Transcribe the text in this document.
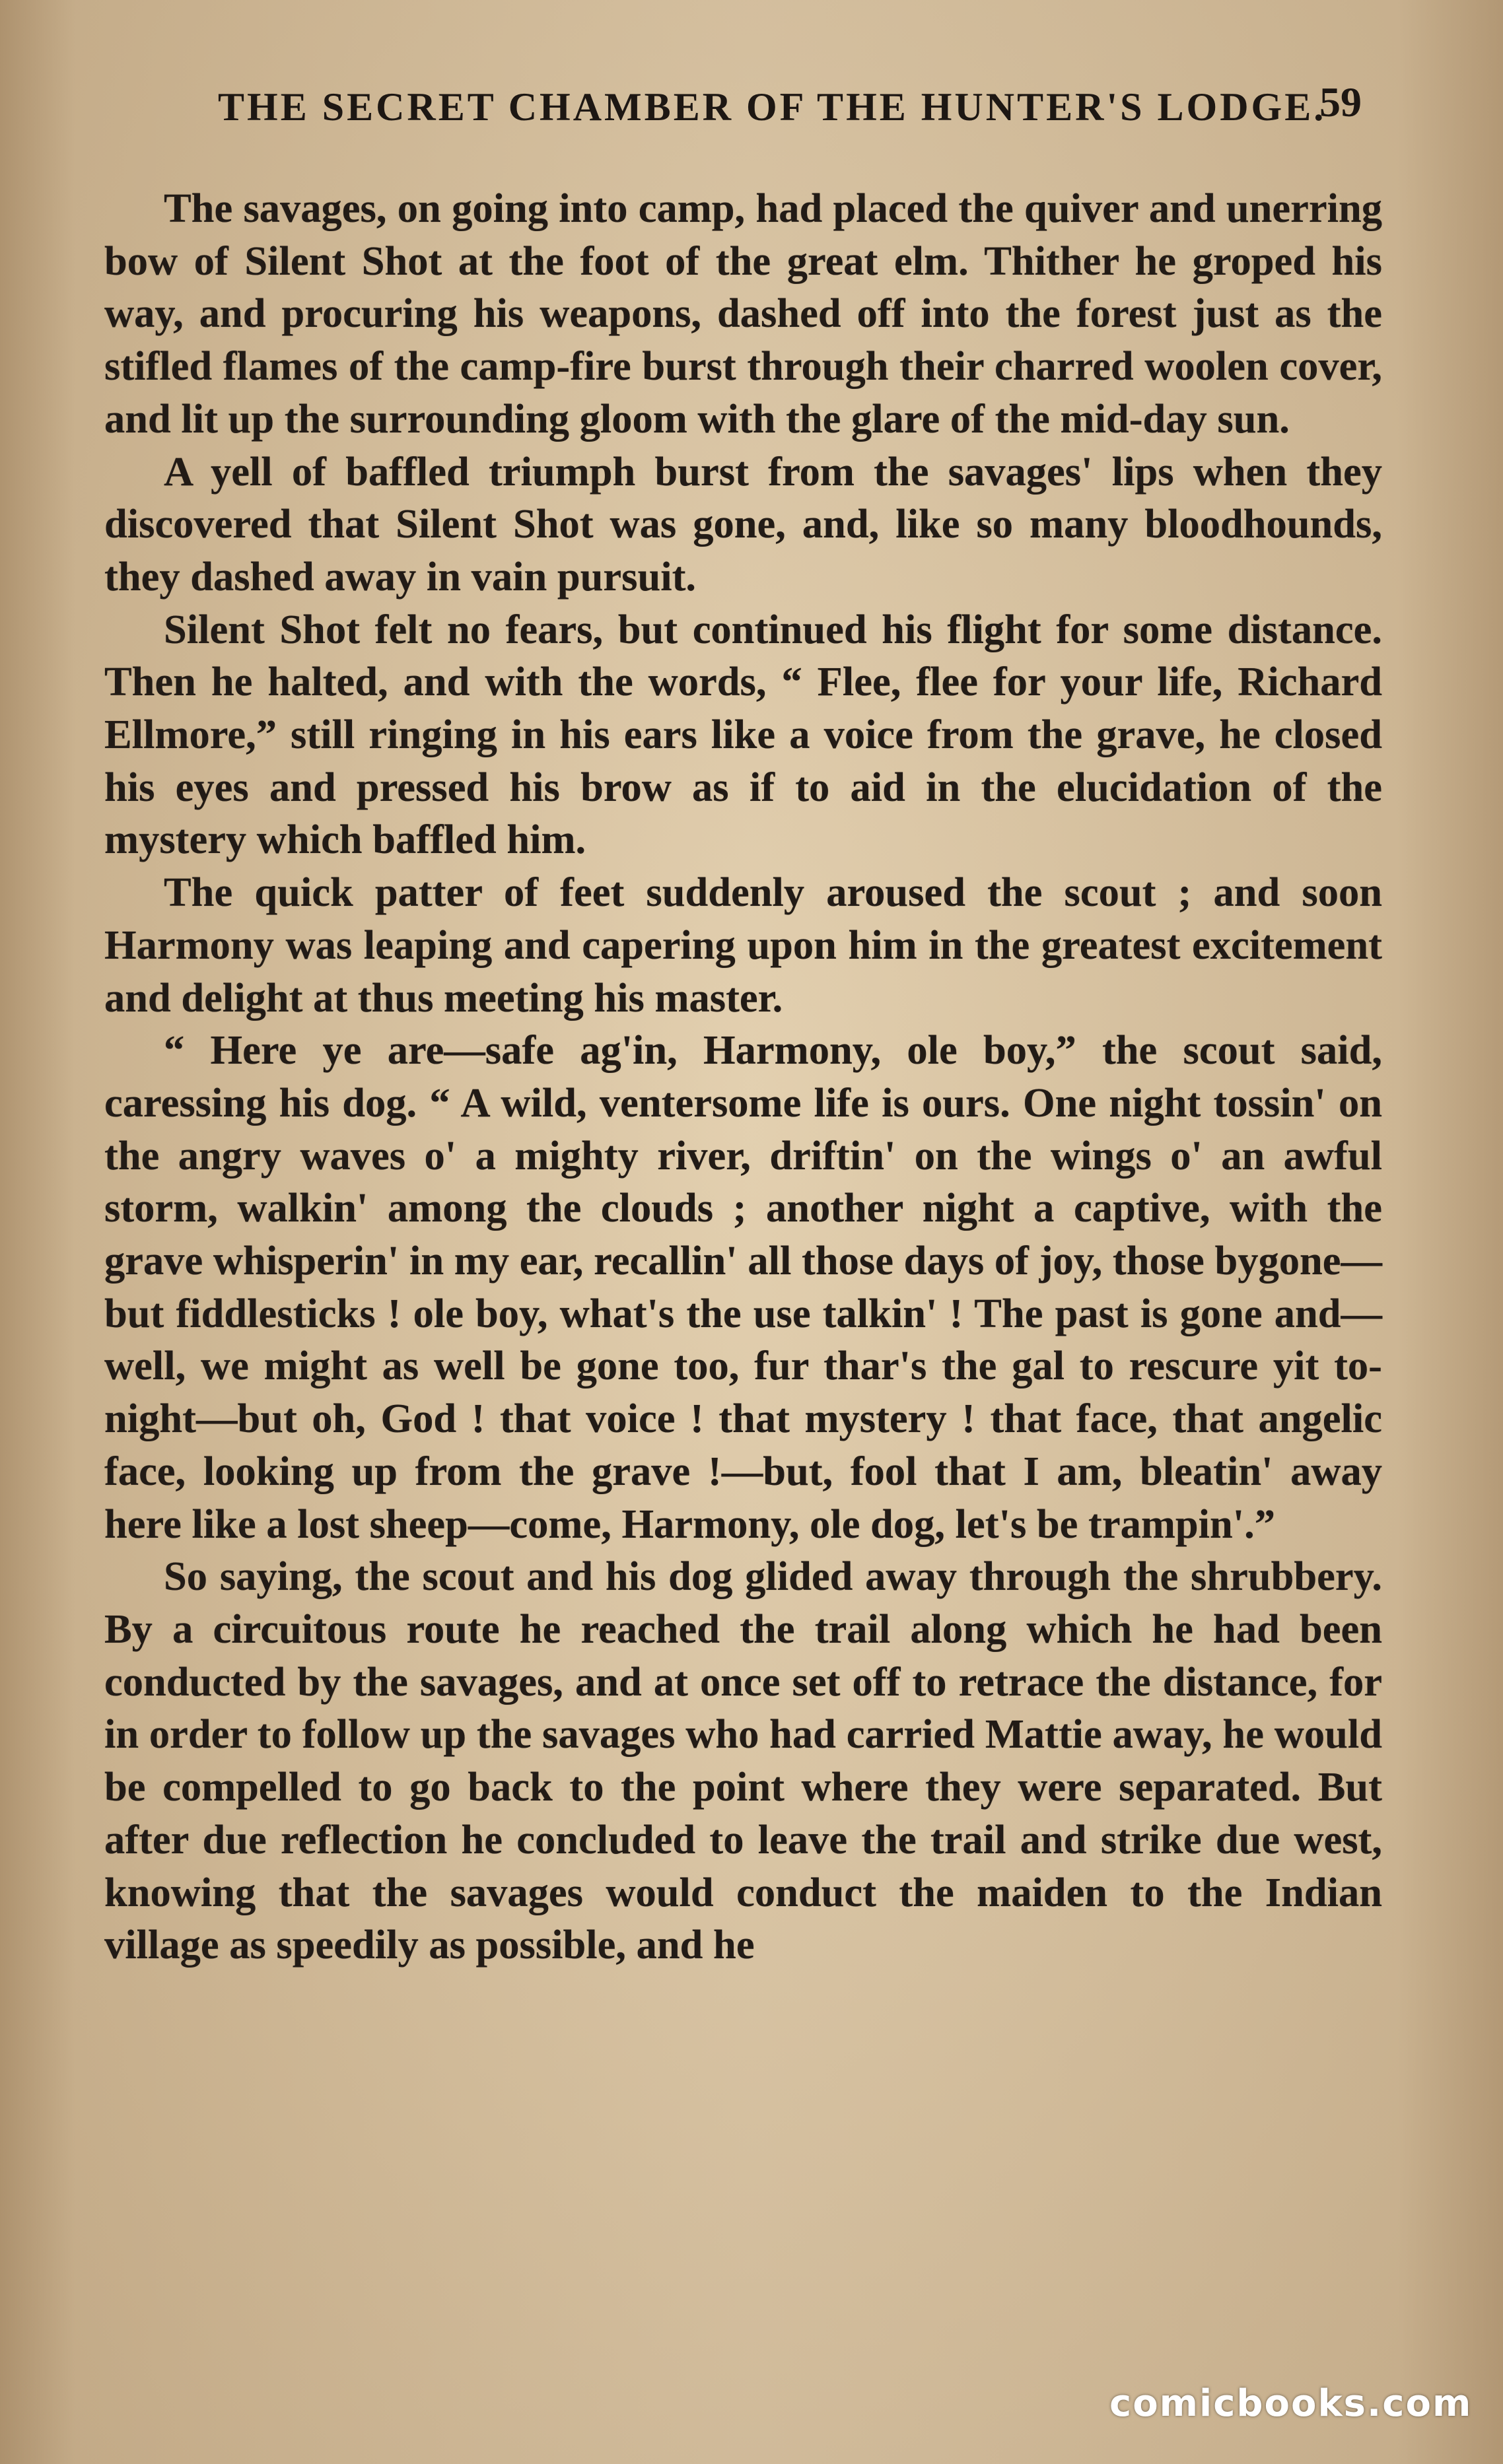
THE SECRET CHAMBER OF THE HUNTER'S LODGE.
59

The savages, on going into camp, had placed the quiver and unerring bow of Silent Shot at the foot of the great elm. Thither he groped his way, and procuring his weapons, dashed off into the forest just as the stifled flames of the camp-fire burst through their charred woolen cover, and lit up the surrounding gloom with the glare of the mid-day sun.

A yell of baffled triumph burst from the savages' lips when they discovered that Silent Shot was gone, and, like so many bloodhounds, they dashed away in vain pursuit.

Silent Shot felt no fears, but continued his flight for some distance. Then he halted, and with the words, “ Flee, flee for your life, Richard Ellmore,” still ringing in his ears like a voice from the grave, he closed his eyes and pressed his brow as if to aid in the elucidation of the mystery which baffled him.

The quick patter of feet suddenly aroused the scout ; and soon Harmony was leaping and capering upon him in the greatest excitement and delight at thus meeting his master.

“ Here ye are—safe ag'in, Harmony, ole boy,” the scout said, caressing his dog. “ A wild, ventersome life is ours. One night tossin' on the angry waves o' a mighty river, driftin' on the wings o' an awful storm, walkin' among the clouds ; another night a captive, with the grave whisperin' in my ear, recallin' all those days of joy, those bygone— but fiddlesticks ! ole boy, what's the use talkin' ! The past is gone and—well, we might as well be gone too, fur thar's the gal to rescure yit to-night—but oh, God ! that voice ! that mystery ! that face, that angelic face, looking up from the grave !—but, fool that I am, bleatin' away here like a lost sheep—come, Harmony, ole dog, let's be trampin'.”

So saying, the scout and his dog glided away through the shrubbery. By a circuitous route he reached the trail along which he had been conducted by the savages, and at once set off to retrace the distance, for in order to follow up the savages who had carried Mattie away, he would be compelled to go back to the point where they were separated. But after due reflection he concluded to leave the trail and strike due west, knowing that the savages would conduct the maiden to the Indian village as speedily as possible, and he

comicbooks.com
